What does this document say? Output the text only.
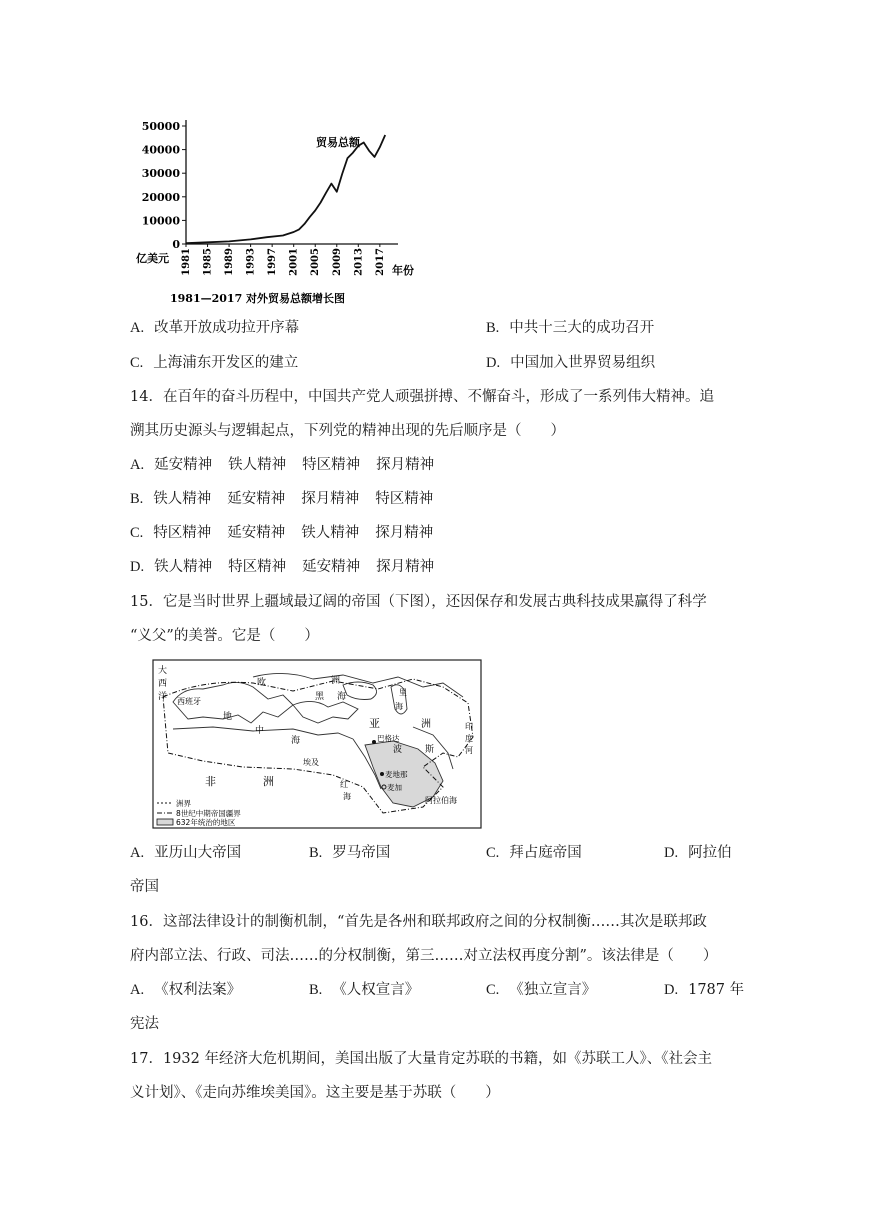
0
10000
20000
30000
40000
50000
1981 1985 1989 1993 1997 2001 2005 2009 2013 2017
贸易总额
亿美元
年份
1981—2017 对外贸易总额增长图
A. 改革开放成功拉开序幕	B. 中共十三大的成功召开
C. 上海浦东开发区的建立	D. 中国加入世界贸易组织
14．在百年的奋斗历程中，中国共产党人顽强拼搏、不懈奋斗，形成了一系列伟大精神。追
溯其历史源头与逻辑起点，下列党的精神出现的先后顺序是（　　）
A. 延安精神 铁人精神 特区精神 探月精神
B. 铁人精神 延安精神 探月精神 特区精神
C. 特区精神 延安精神 铁人精神 探月精神
D. 铁人精神 特区精神 延安精神 探月精神
15．它是当时世界上疆域最辽阔的帝国（下图），还因保存和发展古典科技成果赢得了科学
“义父”的美誉。它是（　　）
大
西
洋 西班牙
欧	洲
地
中
海
黑 海	里
海
亚	洲
巴格达
波	斯
印
度
河
非	洲
埃及
红
海
麦地那
麦加
阿拉伯海
洲界
8世纪中期帝国疆界
632年统治的地区
A. 亚历山大帝国	B. 罗马帝国	C. 拜占庭帝国	D. 阿拉伯
帝国
16．这部法律设计的制衡机制，“首先是各州和联邦政府之间的分权制衡……其次是联邦政
府内部立法、行政、司法……的分权制衡，第三……对立法权再度分割”。该法律是（　　）
A. 《权利法案》	B. 《人权宣言》	C. 《独立宣言》	D. 1787 年
宪法
17．1932 年经济大危机期间，美国出版了大量肯定苏联的书籍，如《苏联工人》、《社会主
义计划》、《走向苏维埃美国》。这主要是基于苏联（　　）
